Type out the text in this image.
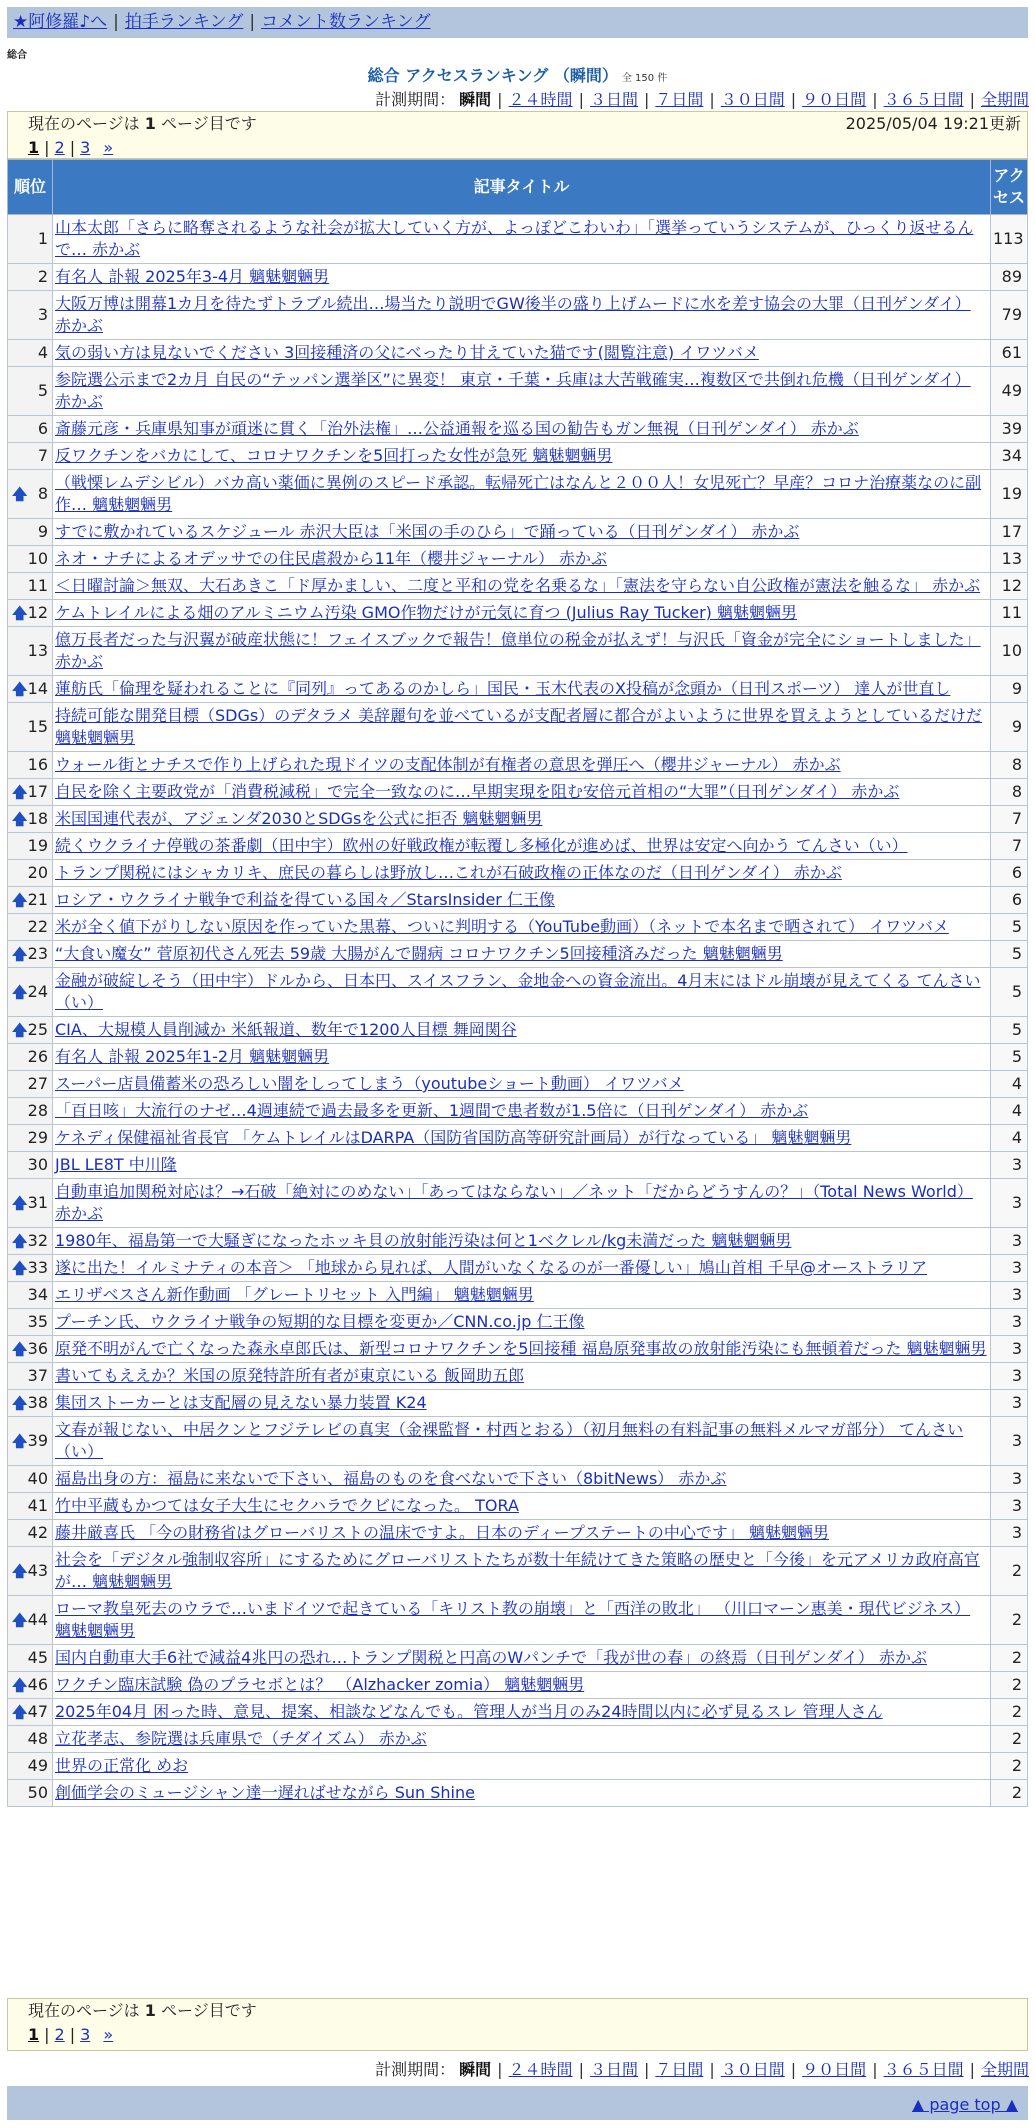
★阿修羅♪へ | 拍手ランキング | コメント数ランキング
総合
総合 アクセスランキング （瞬間） 全 150 件
計測期間： 瞬間 | ２４時間 | ３日間 | ７日間 | ３０日間 | ９０日間 | ３６５日間 | 全期間
現在のページは 1 ページ目です	2025/05/04 19:21更新
1 | 2 | 3 »
順位	記事タイトル	アクセス
1	山本太郎「さらに略奪されるような社会が拡大していく方が、よっぽどこわいわ」「選挙っていうシステムが、ひっくり返せるんで… 赤かぶ	113
2	有名人 訃報 2025年3-4月 魑魅魍魎男	89
3	大阪万博は開幕1カ月を待たずトラブル続出…場当たり説明でGW後半の盛り上げムードに水を差す協会の大罪（日刊ゲンダイ） 赤かぶ	79
4	気の弱い方は見ないでください 3回接種済の父にべったり甘えていた猫です(閲覧注意) イワツバメ	61
5	参院選公示まで2カ月 自民の“テッパン選挙区”に異変！ 東京・千葉・兵庫は大苦戦確実…複数区で共倒れ危機（日刊ゲンダイ） 赤かぶ	49
6	斎藤元彦・兵庫県知事が頑迷に貫く「治外法権」…公益通報を巡る国の勧告もガン無視（日刊ゲンダイ） 赤かぶ	39
7	反ワクチンをバカにして、コロナワクチンを5回打った女性が急死 魑魅魍魎男	34

🡅 8	（戦慄レムデシビル）バカ高い薬価に異例のスピード承認。転帰死亡はなんと２００人！女児死亡？早産？コロナ治療薬なのに副作… 魑魅魍魎男	19
9	すでに敷かれているスケジュール 赤沢大臣は「米国の手のひら」で踊っている（日刊ゲンダイ） 赤かぶ	17
10	ネオ・ナチによるオデッサでの住民虐殺から11年（櫻井ジャーナル） 赤かぶ	13
11	＜日曜討論＞無双、大石あきこ「ド厚かましい、二度と平和の党を名乗るな」「憲法を守らない自公政権が憲法を触るな」 赤かぶ	12

🡅 12	ケムトレイルによる畑のアルミニウム汚染 GMO作物だけが元気に育つ (Julius Ray Tucker) 魑魅魍魎男	11
13	億万長者だった与沢翼が破産状態に！フェイスブックで報告！億単位の税金が払えず！与沢氏「資金が完全にショートしました」 赤かぶ	10

🡅 14	蓮舫氏「倫理を疑われることに『同列』ってあるのかしら」国民・玉木代表のX投稿が念頭か（日刊スポーツ） 達人が世直し	9
15	持続可能な開発目標（SDGs）のデタラメ 美辞麗句を並べているが支配者層に都合がよいように世界を買えようとしているだけだ 魑魅魍魎男	9
16	ウォール街とナチスで作り上げられた現ドイツの支配体制が有権者の意思を弾圧へ（櫻井ジャーナル） 赤かぶ	8

🡅 17	自民を除く主要政党が「消費税減税」で完全一致なのに…早期実現を阻む安倍元首相の“大罪”（日刊ゲンダイ） 赤かぶ	8

🡅 18	米国国連代表が、アジェンダ2030とSDGsを公式に拒否 魑魅魍魎男	7
19	続くウクライナ停戦の茶番劇（田中宇）欧州の好戦政権が転覆し多極化が進めば、世界は安定へ向かう てんさい（い）	7
20	トランプ関税にはシャカリキ、庶民の暮らしは野放し…これが石破政権の正体なのだ（日刊ゲンダイ） 赤かぶ	6

🡅 21	ロシア・ウクライナ戦争で利益を得ている国々／StarsInsider 仁王像	6
22	米が全く値下がりしない原因を作っていた黒幕、ついに判明する（YouTube動画）（ネットで本名まで晒されて） イワツバメ	5

🡅 23	“大食い魔女” 菅原初代さん死去 59歳 大腸がんで闘病 コロナワクチン5回接種済みだった 魑魅魍魎男	5

🡅 24	金融が破綻しそう（田中宇）ドルから、日本円、スイスフラン、金地金への資金流出。4月末にはドル崩壊が見えてくる てんさい（い）	5

🡅 25	CIA、大規模人員削減か 米紙報道、数年で1200人目標 舞岡関谷	5
26	有名人 訃報 2025年1-2月 魑魅魍魎男	5
27	スーパー店員備蓄米の恐ろしい闇をしってしまう（youtubeショート動画） イワツバメ	4
28	「百日咳」大流行のナゼ…4週連続で過去最多を更新、1週間で患者数が1.5倍に（日刊ゲンダイ） 赤かぶ	4
29	ケネディ保健福祉省長官 「ケムトレイルはDARPA（国防省国防高等研究計画局）が行なっている」 魑魅魍魎男	4
30	JBL LE8T 中川隆	3

🡅 31	自動車追加関税対応は？→石破「絶対にのめない」「あってはならない」／ネット「だからどうすんの？」（Total News World） 赤かぶ	3

🡅 32	1980年、福島第一で大騒ぎになったホッキ貝の放射能汚染は何と1ベクレル/kg未満だった 魑魅魍魎男	3

🡅 33	遂に出た！イルミナティの本音＞ 「地球から見れば、人間がいなくなるのが一番優しい」鳩山首相 千早@オーストラリア	3
34	エリザベスさん新作動画 「グレートリセット 入門編」 魑魅魍魎男	3
35	プーチン氏、ウクライナ戦争の短期的な目標を変更か／CNN.co.jp 仁王像	3

🡅 36	原発不明がんで亡くなった森永卓郎氏は、新型コロナワクチンを5回接種 福島原発事故の放射能汚染にも無頓着だった 魑魅魍魎男	3
37	書いてもええか？米国の原発特許所有者が東京にいる 飯岡助五郎	3

🡅 38	集団ストーカーとは支配層の見えない暴力装置 K24	3

🡅 39	文春が報じない、中居クンとフジテレビの真実（金裸監督・村西とおる）（初月無料の有料記事の無料メルマガ部分） てんさい（い）	3
40	福島出身の方：福島に来ないで下さい、福島のものを食べないで下さい（8bitNews） 赤かぶ	3
41	竹中平蔵もかつては女子大生にセクハラでクビになった。 TORA	3
42	藤井厳喜氏 「今の財務省はグローバリストの温床ですよ。日本のディープステートの中心です」 魑魅魍魎男	3

🡅 43	社会を「デジタル強制収容所」にするためにグローバリストたちが数十年続けてきた策略の歴史と「今後」を元アメリカ政府高官が… 魑魅魍魎男	2

🡅 44	ローマ教皇死去のウラで…いまドイツで起きている「キリスト教の崩壊」と「西洋の敗北」 （川口マーン惠美・現代ビジネス） 魑魅魍魎男	2
45	国内自動車大手6社で減益4兆円の恐れ…トランプ関税と円高のWパンチで「我が世の春」の終焉（日刊ゲンダイ） 赤かぶ	2

🡅 46	ワクチン臨床試験 偽のプラセボとは？ （Alzhacker zomia） 魑魅魍魎男	2

🡅 47	2025年04月 困った時、意見、提案、相談などなんでも。管理人が当月のみ24時間以内に必ず見るスレ 管理人さん	2
48	立花孝志、参院選は兵庫県で（チダイズム） 赤かぶ	2
49	世界の正常化 めお	2
50	創価学会のミュージシャン達一遅ればせながら Sun Shine	2
現在のページは 1 ページ目です
1 | 2 | 3 »
計測期間： 瞬間 | ２４時間 | ３日間 | ７日間 | ３０日間 | ９０日間 | ３６５日間 | 全期間
▲ page top ▲
